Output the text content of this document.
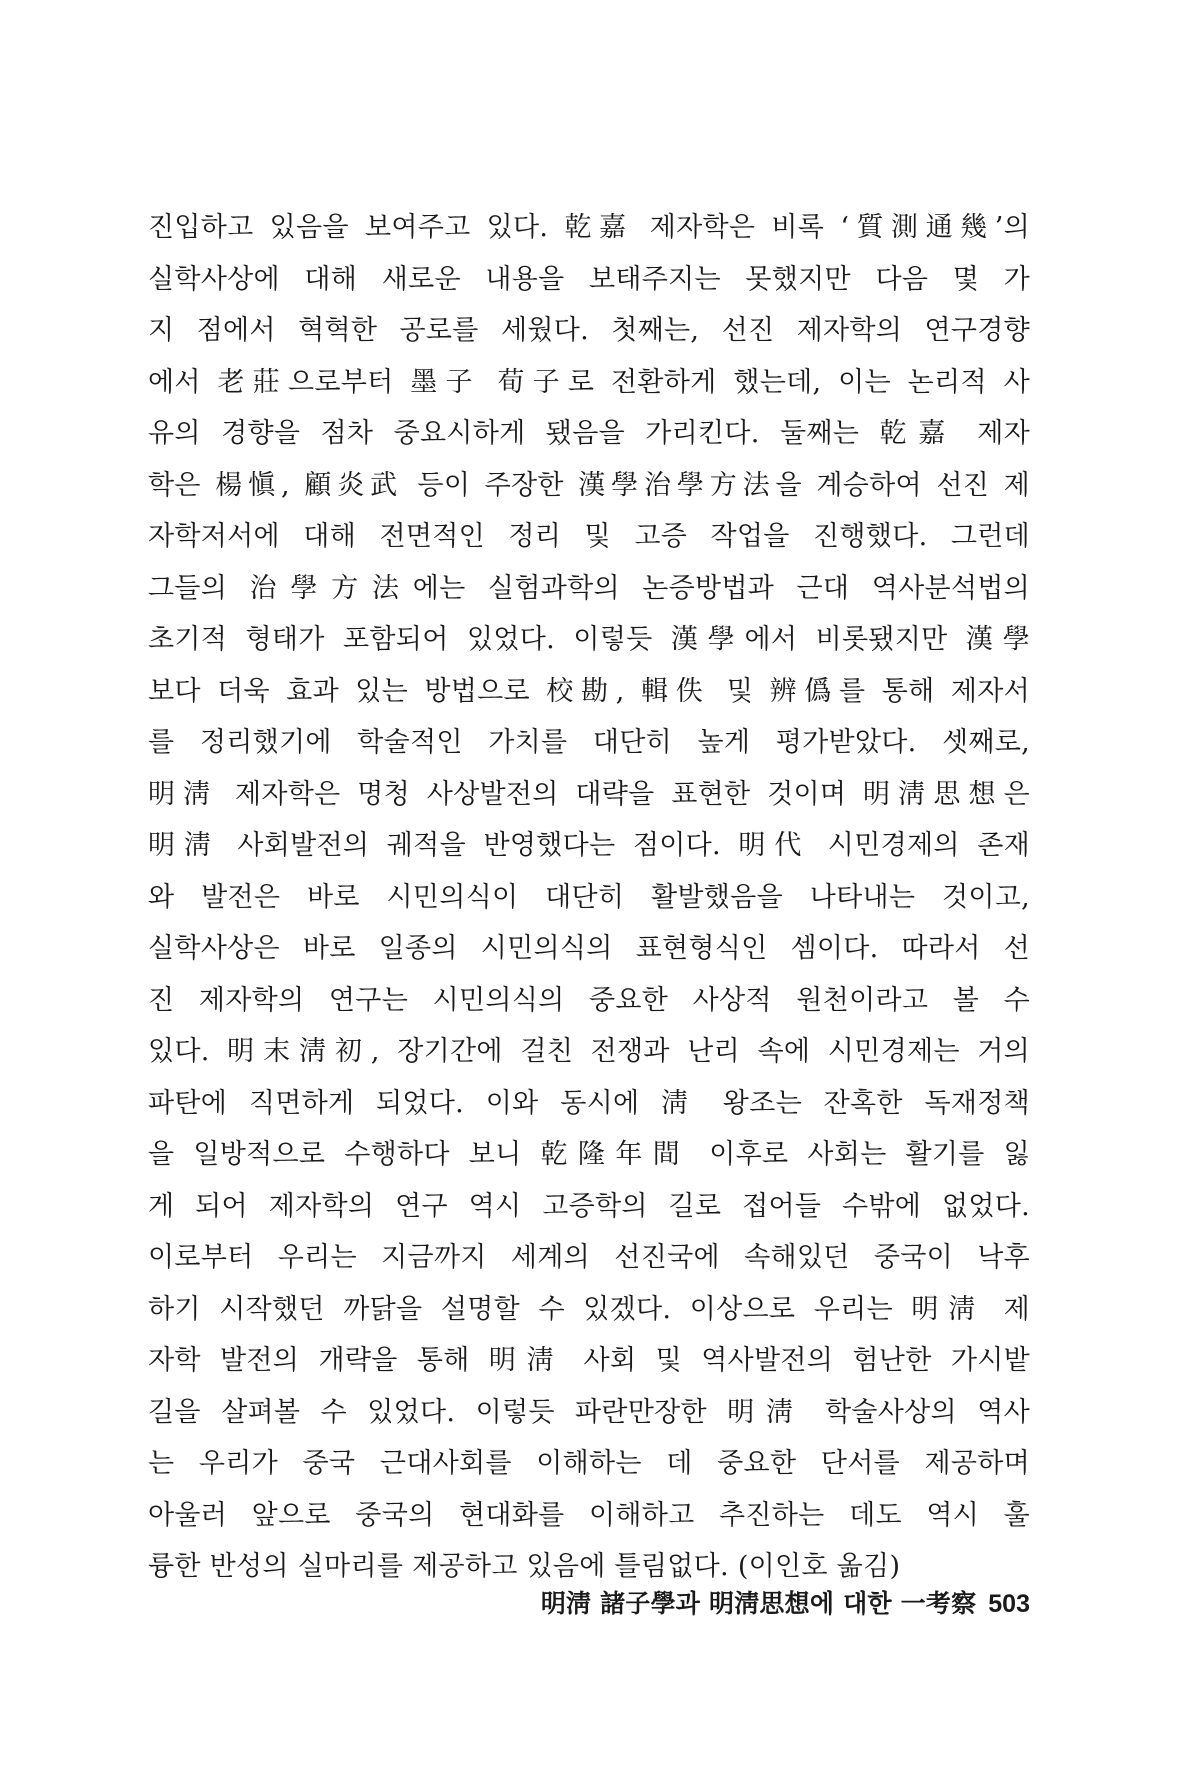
진입하고 있음을 보여주고 있다. 乾嘉 제자학은 비록 ‘質測通幾’의
실학사상에 대해 새로운 내용을 보태주지는 못했지만 다음 몇 가
지 점에서 혁혁한 공로를 세웠다. 첫째는, 선진 제자학의 연구경향
에서 老莊으로부터 墨子 荀子로 전환하게 했는데, 이는 논리적 사
유의 경향을 점차 중요시하게 됐음을 가리킨다. 둘째는 乾嘉 제자
학은 楊愼, 顧炎武 등이 주장한 漢學治學方法을 계승하여 선진 제
자학저서에 대해 전면적인 정리 및 고증 작업을 진행했다. 그런데
그들의 治學方法에는 실험과학의 논증방법과 근대 역사분석법의
초기적 형태가 포함되어 있었다. 이렇듯 漢學에서 비롯됐지만 漢學
보다 더욱 효과 있는 방법으로 校勘, 輯佚 및 辨僞를 통해 제자서
를 정리했기에 학술적인 가치를 대단히 높게 평가받았다. 셋째로,
明淸 제자학은 명청 사상발전의 대략을 표현한 것이며 明淸思想은
明淸 사회발전의 궤적을 반영했다는 점이다. 明代 시민경제의 존재
와 발전은 바로 시민의식이 대단히 활발했음을 나타내는 것이고,
실학사상은 바로 일종의 시민의식의 표현형식인 셈이다. 따라서 선
진 제자학의 연구는 시민의식의 중요한 사상적 원천이라고 볼 수
있다. 明末淸初, 장기간에 걸친 전쟁과 난리 속에 시민경제는 거의
파탄에 직면하게 되었다. 이와 동시에 淸 왕조는 잔혹한 독재정책
을 일방적으로 수행하다 보니 乾隆年間 이후로 사회는 활기를 잃
게 되어 제자학의 연구 역시 고증학의 길로 접어들 수밖에 없었다.
이로부터 우리는 지금까지 세계의 선진국에 속해있던 중국이 낙후
하기 시작했던 까닭을 설명할 수 있겠다. 이상으로 우리는 明淸 제
자학 발전의 개략을 통해 明淸 사회 및 역사발전의 험난한 가시밭
길을 살펴볼 수 있었다. 이렇듯 파란만장한 明淸 학술사상의 역사
는 우리가 중국 근대사회를 이해하는 데 중요한 단서를 제공하며
아울러 앞으로 중국의 현대화를 이해하고 추진하는 데도 역시 훌
륭한 반성의 실마리를 제공하고 있음에 틀림없다. (이인호 옮김)
明淸 諸子學과 明淸思想에 대한 一考察 503
